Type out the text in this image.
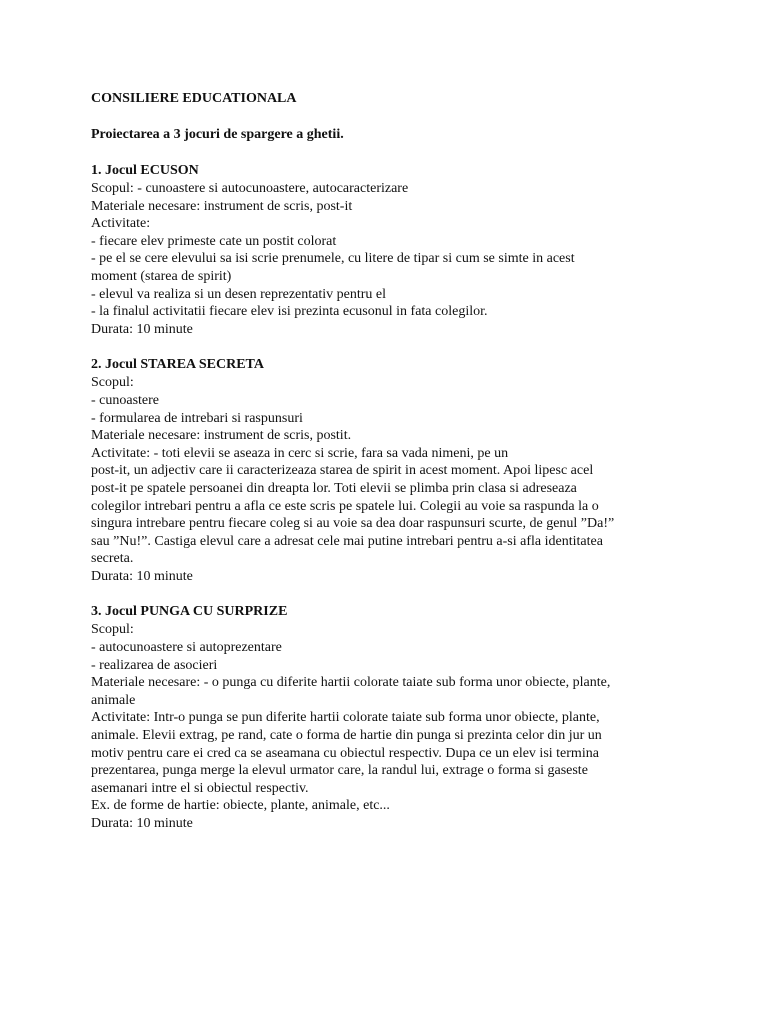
CONSILIERE EDUCATIONALA
Proiectarea a 3 jocuri de spargere a ghetii.
1. Jocul ECUSON
Scopul: - cunoastere si autocunoastere, autocaracterizare
Materiale necesare: instrument de scris, post-it
Activitate:
- fiecare elev primeste cate un postit colorat
- pe el se cere elevului sa isi scrie prenumele, cu litere de tipar si cum se simte in acest
moment (starea de spirit)
- elevul va realiza si un desen reprezentativ pentru el
- la finalul activitatii fiecare elev isi prezinta ecusonul in fata colegilor.
Durata: 10 minute
2. Jocul STAREA SECRETA
Scopul:
- cunoastere
- formularea de intrebari si raspunsuri
Materiale necesare: instrument de scris, postit.
Activitate: - toti elevii se aseaza in cerc si scrie, fara sa vada nimeni, pe un
post-it, un adjectiv care ii caracterizeaza starea de spirit in acest moment. Apoi lipesc acel
post-it pe spatele persoanei din dreapta lor. Toti elevii se plimba prin clasa si adreseaza
colegilor intrebari pentru a afla ce este scris pe spatele lui. Colegii au voie sa raspunda la o
singura intrebare pentru fiecare coleg si au voie sa dea doar raspunsuri scurte, de genul ”Da!”
sau ”Nu!”. Castiga elevul care a adresat cele mai putine intrebari pentru a-si afla identitatea
secreta.
Durata: 10 minute
3. Jocul PUNGA CU SURPRIZE
Scopul:
- autocunoastere si autoprezentare
- realizarea de asocieri
Materiale necesare: - o punga cu diferite hartii colorate taiate sub forma unor obiecte, plante,
animale
Activitate: Intr-o punga se pun diferite hartii colorate taiate sub forma unor obiecte, plante,
animale. Elevii extrag, pe rand, cate o forma de hartie din punga si prezinta celor din jur un
motiv pentru care ei cred ca se aseamana cu obiectul respectiv. Dupa ce un elev isi termina
prezentarea, punga merge la elevul urmator care, la randul lui, extrage o forma si gaseste
asemanari intre el si obiectul respectiv.
Ex. de forme de hartie: obiecte, plante, animale, etc...
Durata: 10 minute
